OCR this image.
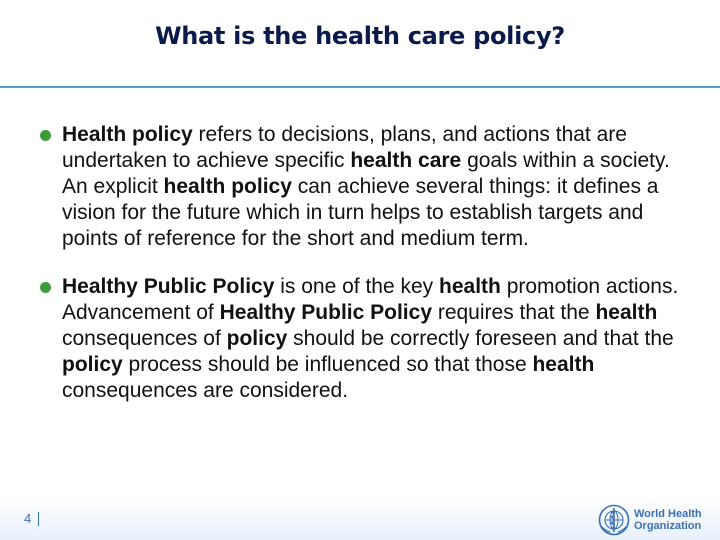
What is the health care policy?
Health policy refers to decisions, plans, and actions that are undertaken to achieve specific health care goals within a society. An explicit health policy can achieve several things: it defines a vision for the future which in turn helps to establish targets and points of reference for the short and medium term.
Healthy Public Policy is one of the key health promotion actions. Advancement of Healthy Public Policy requires that the health consequences of policy should be correctly foreseen and that the policy process should be influenced so that those health consequences are considered.
4	World Health
Organization
